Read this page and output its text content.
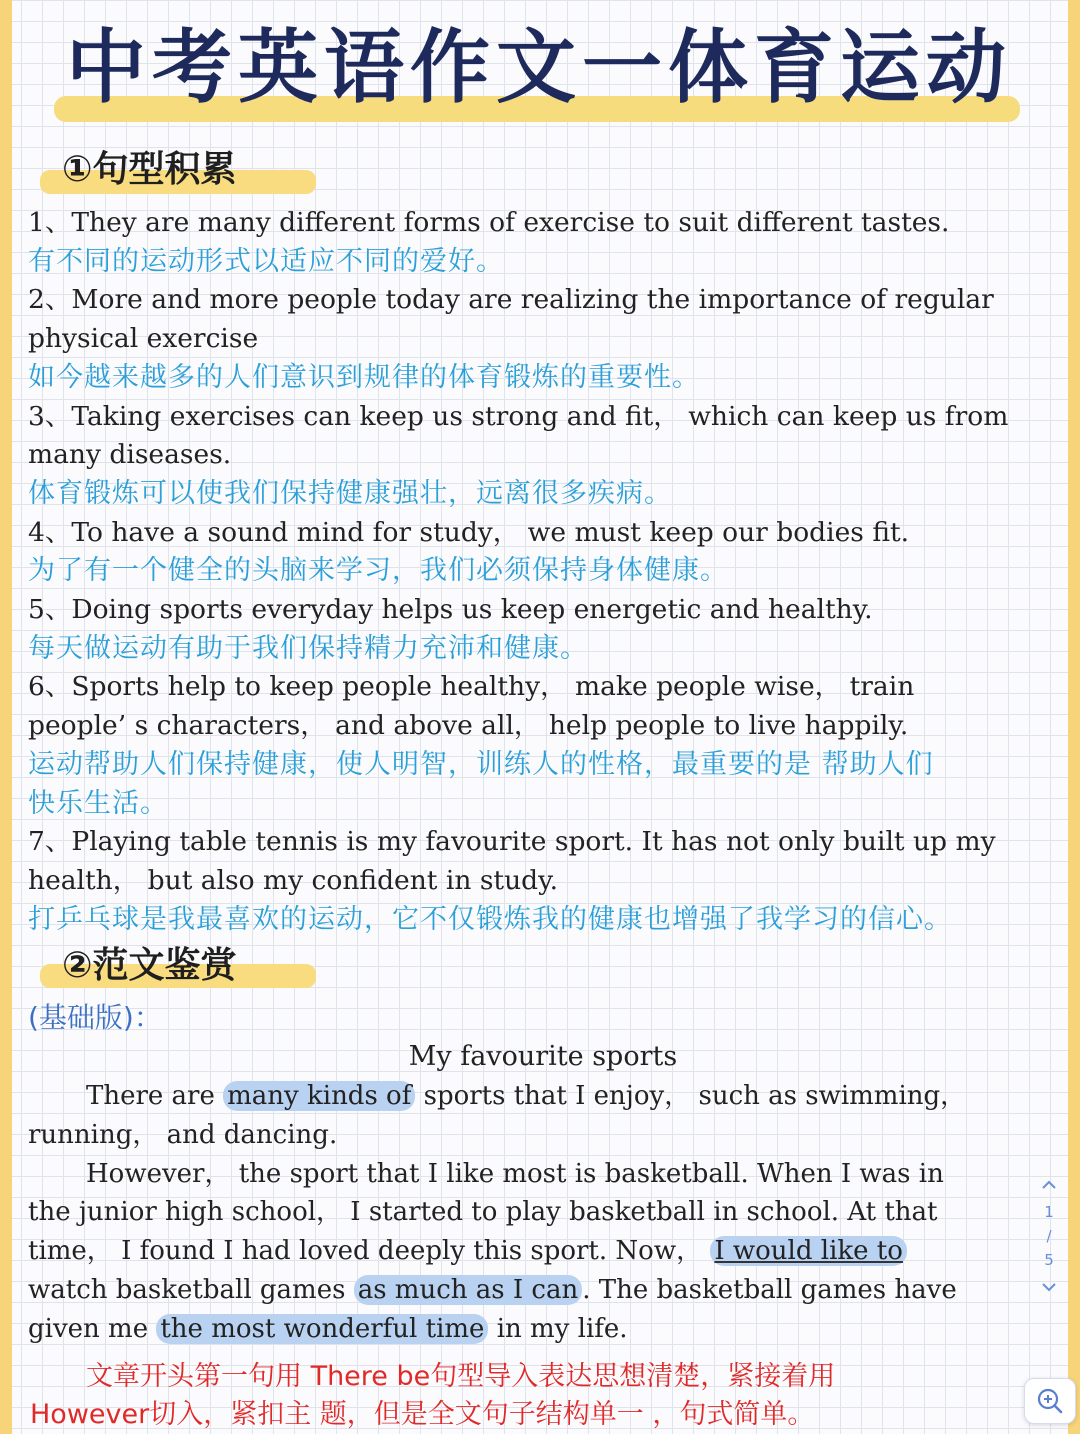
中考英语作文一体育运动
①句型积累
1、They are many different forms of exercise to suit different tastes.
有不同的运动形式以适应不同的爱好。
2、More and more people today are realizing the importance of regular
physical exercise
如今越来越多的人们意识到规律的体育锻炼的重要性。
3、Taking exercises can keep us strong and fit， which can keep us from
many diseases.
体育锻炼可以使我们保持健康强壮，远离很多疾病。
4、To have a sound mind for study， we must keep our bodies fit.
为了有一个健全的头脑来学习，我们必须保持身体健康。
5、Doing sports everyday helps us keep energetic and healthy.
每天做运动有助于我们保持精力充沛和健康。
6、Sports help to keep people healthy， make people wise， train
people’ s characters， and above all， help people to live happily.
运动帮助人们保持健康，使人明智，训练人的性格，最重要的是 帮助人们
快乐生活。
7、Playing table tennis is my favourite sport. It has not only built up my
health， but also my confident in study.
打乒乓球是我最喜欢的运动，它不仅锻炼我的健康也增强了我学习的信心。
②范文鉴赏
(基础版)：
My favourite sports
There are many kinds of sports that I enjoy， such as swimming，
running， and dancing.
However， the sport that I like most is basketball. When I was in
the junior high school， I started to play basketball in school. At that
time， I found I had loved deeply this sport. Now， I would like to
watch basketball games as much as I can . The basketball games have
given me the most wonderful time in my life.
文章开头第一句用 There be句型导入表达思想清楚，紧接着用
However切入，紧扣主 题，但是全文句子结构单一 ，句式简单。
1
/
5
